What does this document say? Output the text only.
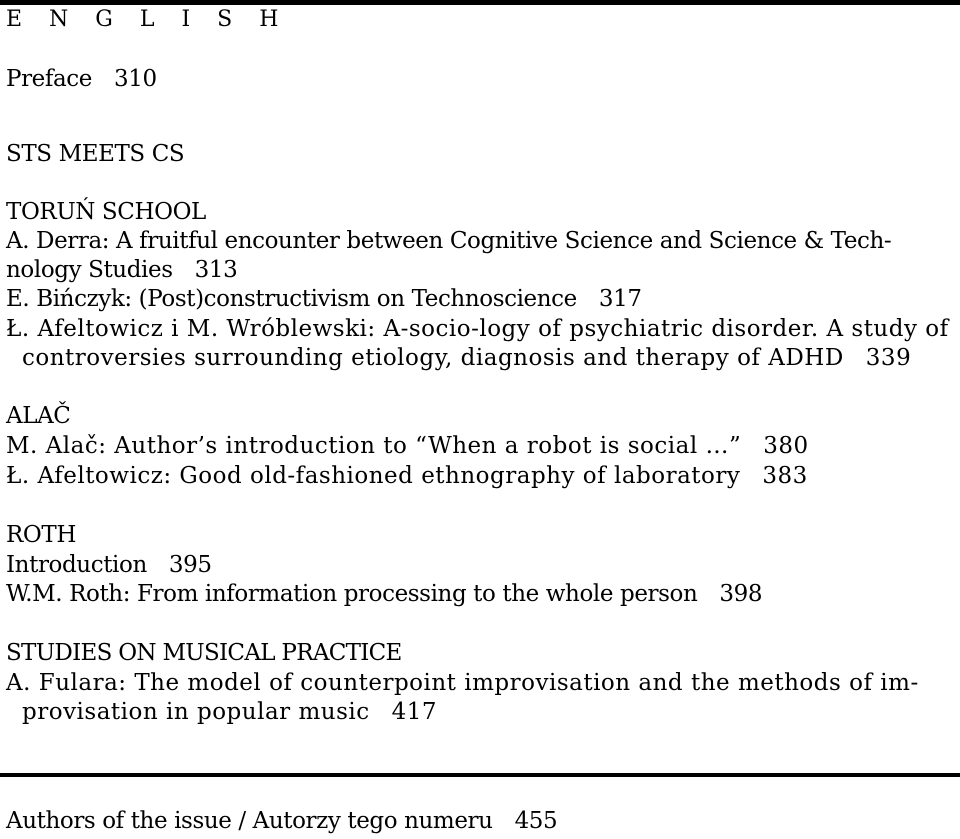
E N G L I S H
Preface 310
STS MEETS CS
TORUŃ SCHOOL
A. Derra: A fruitful encounter between Cognitive Science and Science & Tech-
nology Studies 313
E. Bińczyk: (Post)constructivism on Technoscience 317
Ł. Afeltowicz i M. Wróblewski: A-socio-logy of psychiatric disorder. A study of
controversies surrounding etiology, diagnosis and therapy of ADHD 339
ALAČ
M. Alač: Author’s introduction to “When a robot is social …” 380
Ł. Afeltowicz: Good old-fashioned ethnography of laboratory 383
ROTH
Introduction 395
W.M. Roth: From information processing to the whole person 398
STUDIES ON MUSICAL PRACTICE
A. Fulara: The model of counterpoint improvisation and the methods of im-
provisation in popular music 417
Authors of the issue / Autorzy tego numeru 455
